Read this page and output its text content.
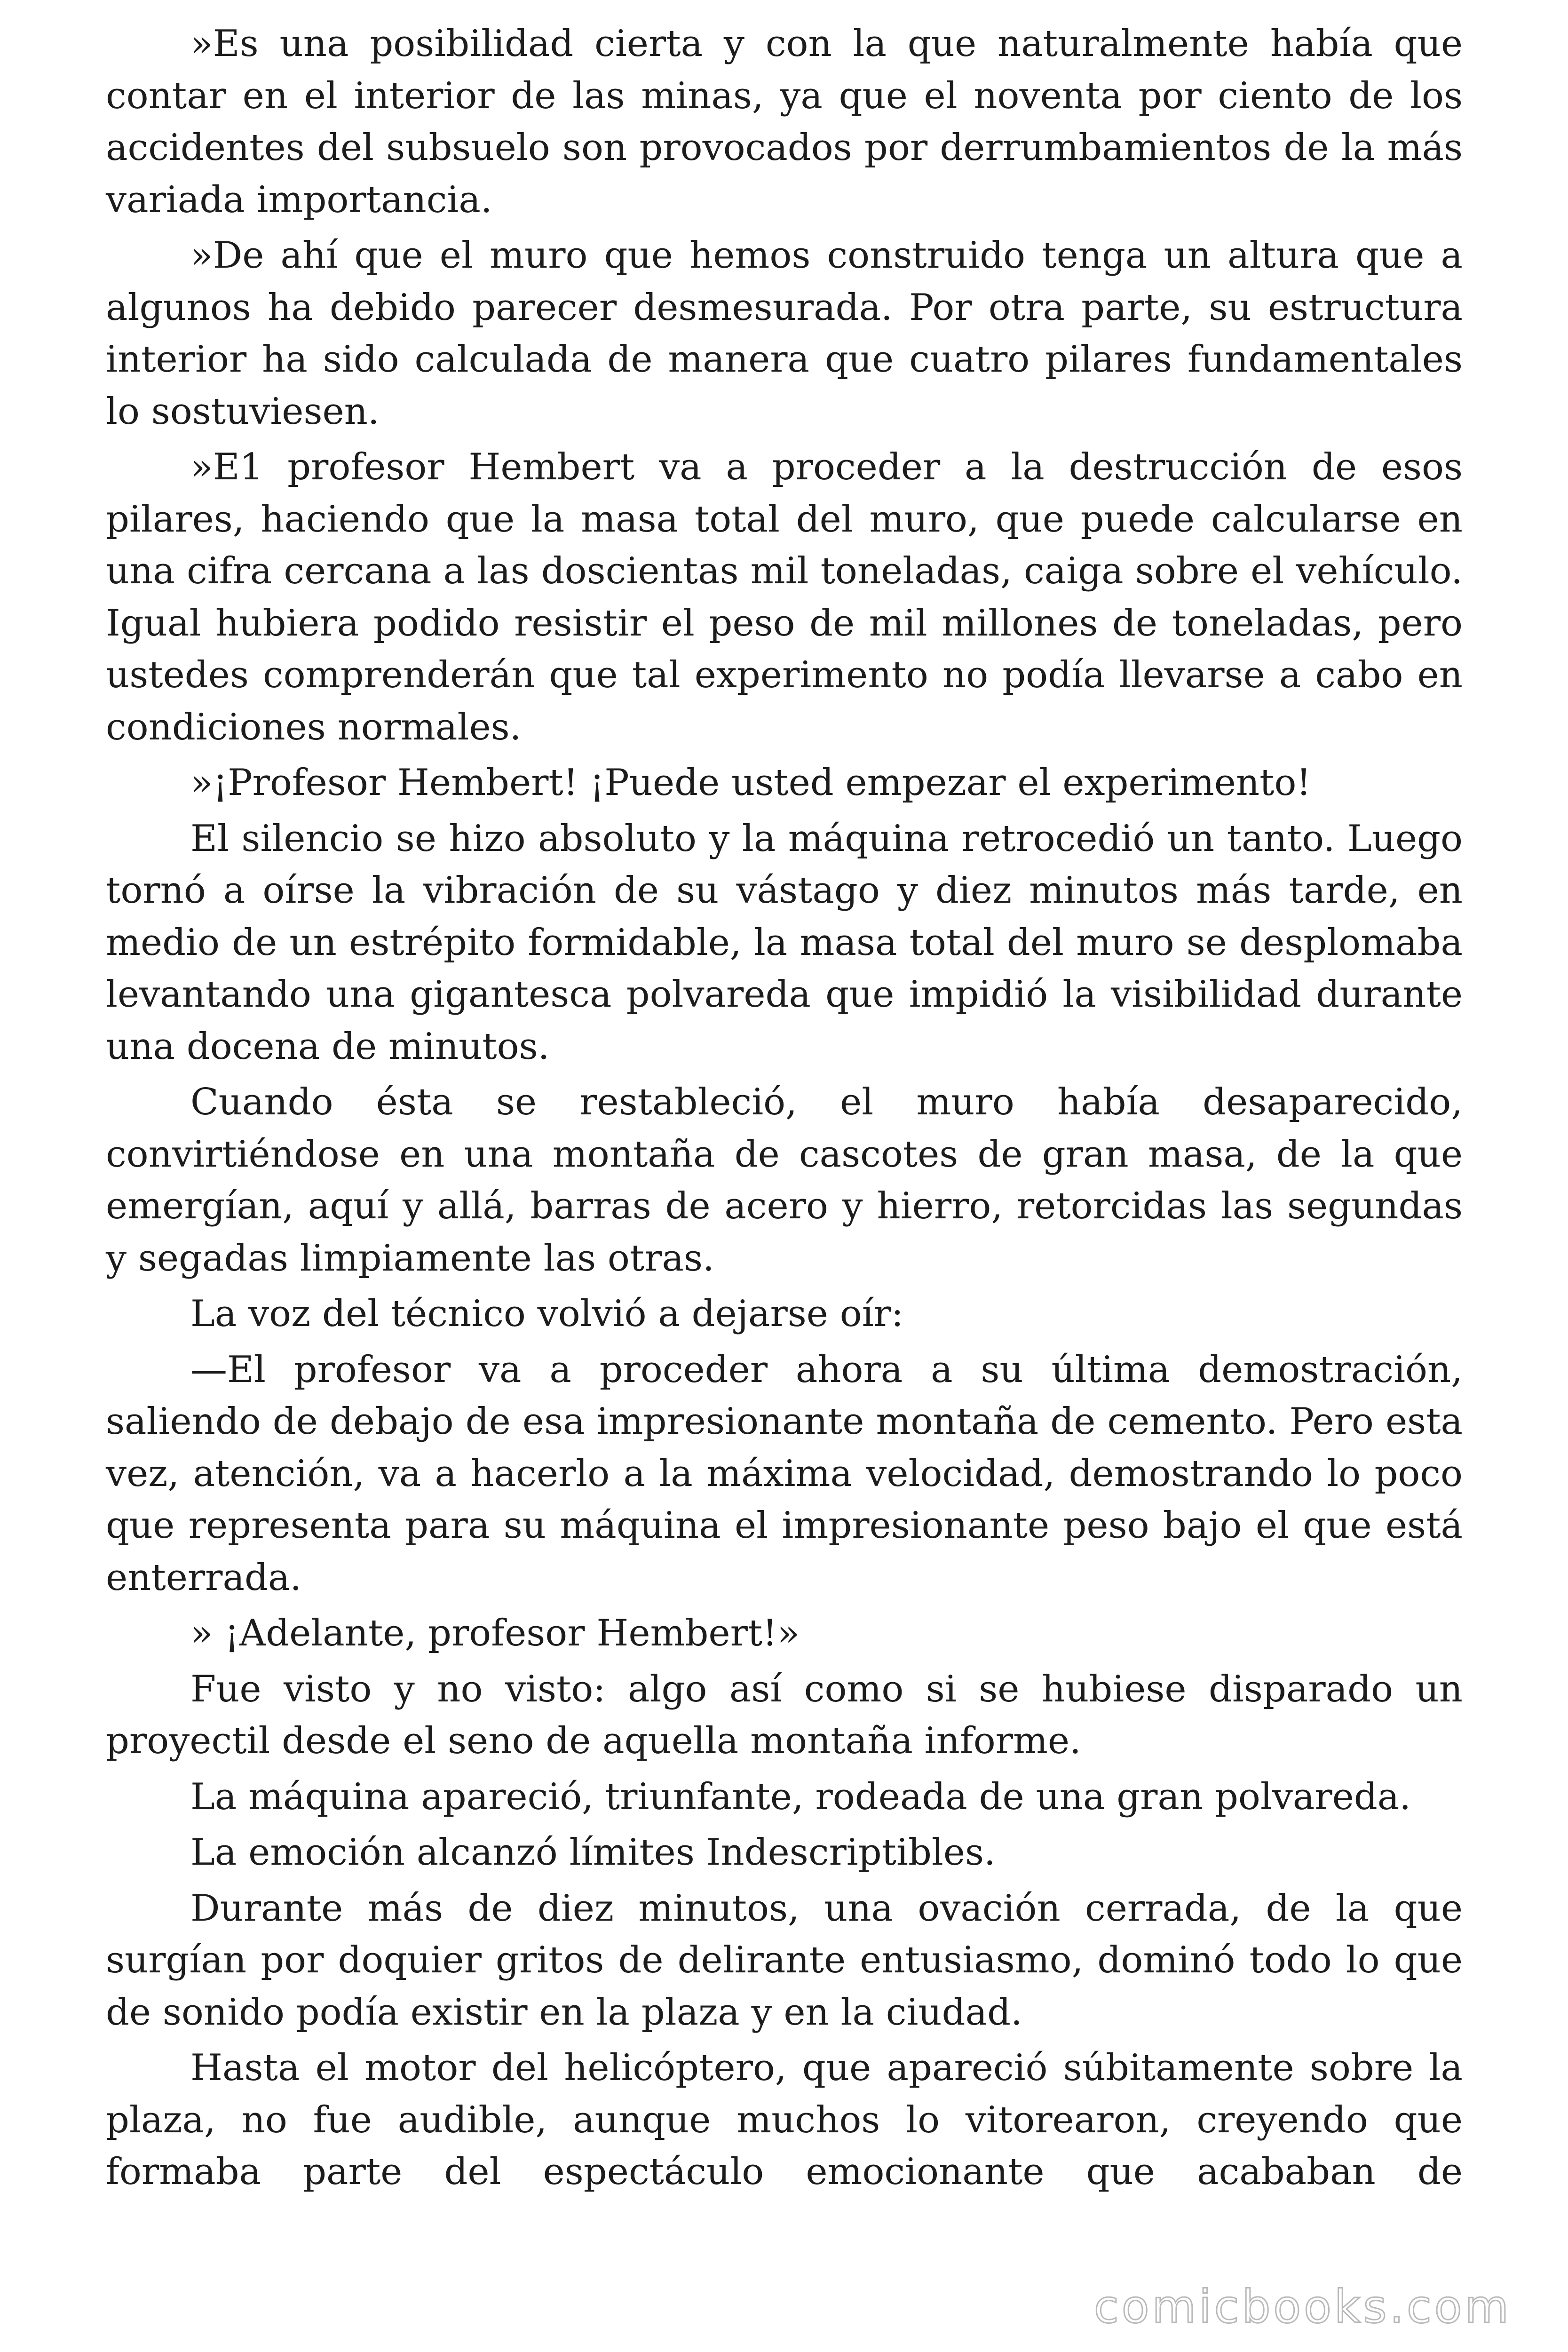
»Es una posibilidad cierta y con la que naturalmente había que contar en el interior de las minas, ya que el noventa por ciento de los accidentes del subsuelo son provocados por derrumbamientos de la más variada importancia.

»De ahí que el muro que hemos construido tenga un altura que a algunos ha debido parecer desmesurada. Por otra parte, su estructura interior ha sido calculada de manera que cuatro pilares fundamentales lo sostuviesen.

»E1 profesor Hembert va a proceder a la destrucción de esos pilares, haciendo que la masa total del muro, que puede calcularse en una cifra cercana a las doscientas mil toneladas, caiga sobre el vehículo. Igual hubiera podido resistir el peso de mil millones de toneladas, pero ustedes comprenderán que tal experimento no podía llevarse a cabo en condiciones normales.

»¡Profesor Hembert! ¡Puede usted empezar el experimento!

El silencio se hizo absoluto y la máquina retrocedió un tanto. Luego tornó a oírse la vibración de su vástago y diez minutos más tarde, en medio de un estrépito formidable, la masa total del muro se desplomaba levantando una gigantesca polvareda que impidió la visibilidad durante una docena de minutos.

Cuando ésta se restableció, el muro había desaparecido, convirtiéndose en una montaña de cascotes de gran masa, de la que emergían, aquí y allá, barras de acero y hierro, retorcidas las segundas y segadas limpiamente las otras.

La voz del técnico volvió a dejarse oír:

—El profesor va a proceder ahora a su última demostración, saliendo de debajo de esa impresionante montaña de cemento. Pero esta vez, atención, va a hacerlo a la máxima velocidad, demostrando lo poco que representa para su máquina el impresionante peso bajo el que está enterrada.

» ¡Adelante, profesor Hembert!»

Fue visto y no visto: algo así como si se hubiese disparado un proyectil desde el seno de aquella montaña informe.

La máquina apareció, triunfante, rodeada de una gran polvareda.

La emoción alcanzó límites Indescriptibles.

Durante más de diez minutos, una ovación cerrada, de la que surgían por doquier gritos de delirante entusiasmo, dominó todo lo que de sonido podía existir en la plaza y en la ciudad.

Hasta el motor del helicóptero, que apareció súbitamente sobre la plaza, no fue audible, aunque muchos lo vitorearon, creyendo que formaba parte del espectáculo emocionante que acababan de

comicbooks.com
